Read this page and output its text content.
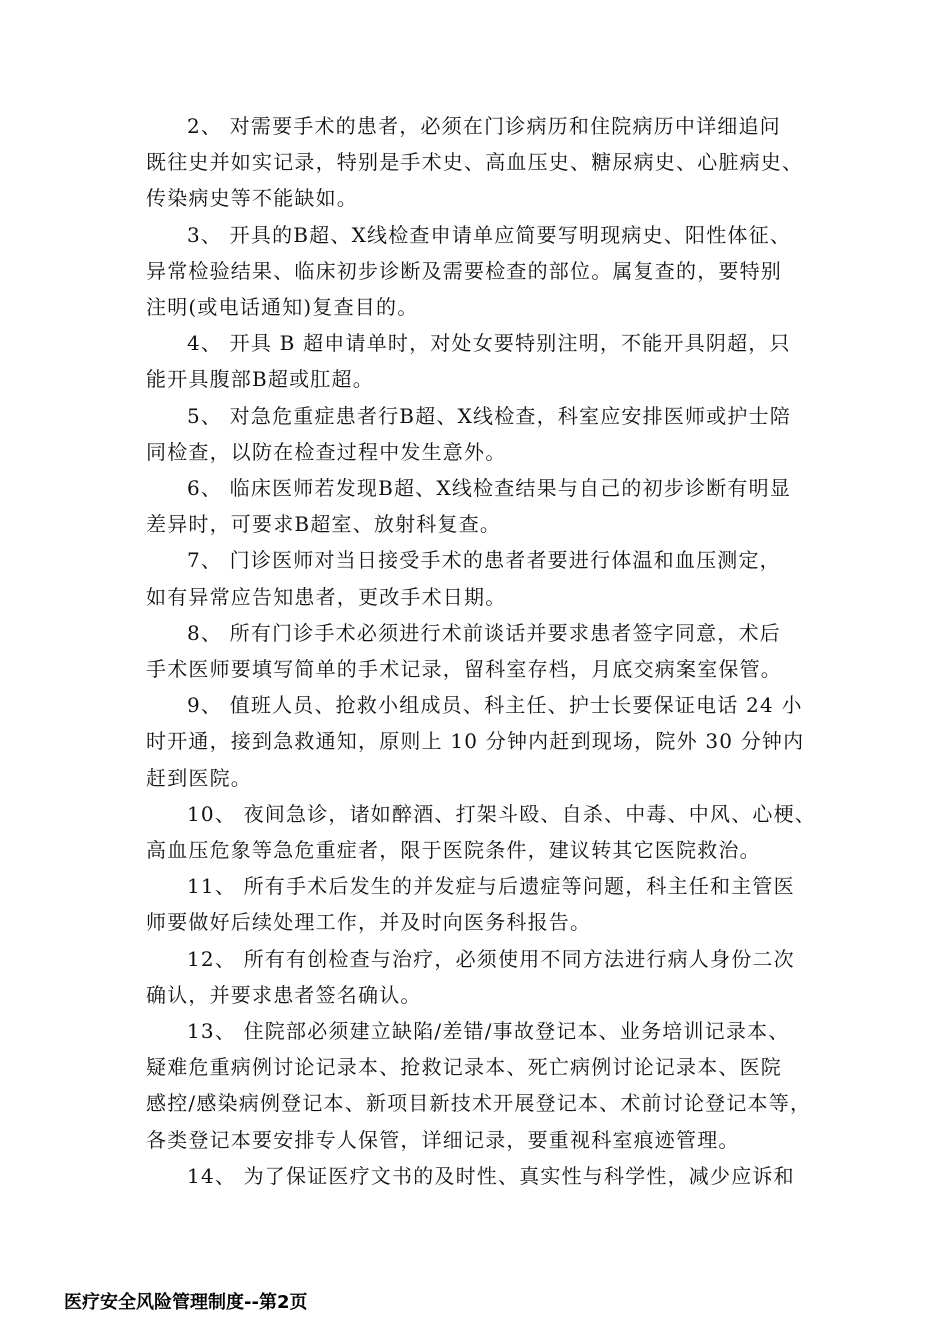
2、 对需要手术的患者，必须在门诊病历和住院病历中详细追问
既往史并如实记录，特别是手术史、高血压史、糖尿病史、心脏病史、
传染病史等不能缺如。
3、 开具的B超、X线检查申请单应简要写明现病史、阳性体征、
异常检验结果、临床初步诊断及需要检查的部位。属复查的，要特别
注明(或电话通知)复查目的。
4、 开具 B 超申请单时，对处女要特别注明，不能开具阴超，只
能开具腹部B超或肛超。
5、 对急危重症患者行B超、X线检查，科室应安排医师或护士陪
同检查，以防在检查过程中发生意外。
6、 临床医师若发现B超、X线检查结果与自己的初步诊断有明显
差异时，可要求B超室、放射科复查。
7、 门诊医师对当日接受手术的患者者要进行体温和血压测定，
如有异常应告知患者，更改手术日期。
8、 所有门诊手术必须进行术前谈话并要求患者签字同意，术后
手术医师要填写简单的手术记录，留科室存档，月底交病案室保管。
9、 值班人员、抢救小组成员、科主任、护士长要保证电话 24 小
时开通，接到急救通知，原则上 10 分钟内赶到现场，院外 30 分钟内
赶到医院。
10、 夜间急诊，诸如醉酒、打架斗殴、自杀、中毒、中风、心梗、
高血压危象等急危重症者，限于医院条件，建议转其它医院救治。
11、 所有手术后发生的并发症与后遗症等问题，科主任和主管医
师要做好后续处理工作，并及时向医务科报告。
12、 所有有创检查与治疗，必须使用不同方法进行病人身份二次
确认，并要求患者签名确认。
13、 住院部必须建立缺陷/差错/事故登记本、业务培训记录本、
疑难危重病例讨论记录本、抢救记录本、死亡病例讨论记录本、医院
感控/感染病例登记本、新项目新技术开展登记本、术前讨论登记本等，
各类登记本要安排专人保管，详细记录，要重视科室痕迹管理。
14、 为了保证医疗文书的及时性、真实性与科学性，减少应诉和
医疗安全风险管理制度--第2页
